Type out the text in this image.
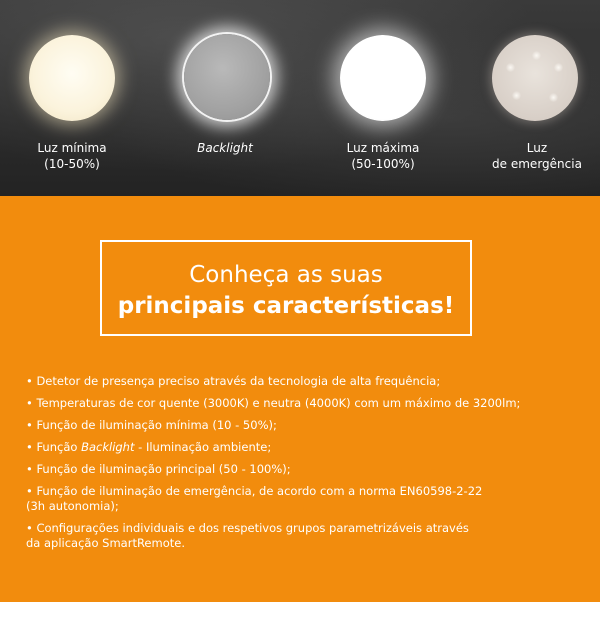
Luz mínima
(10-50%)
Backlight	Luz máxima
(50-100%)
Luz
de emergência
Conheça as suas
principais características!
• Detetor de presença preciso através da tecnologia de alta frequência;
• Temperaturas de cor quente (3000K) e neutra (4000K) com um máximo de 3200lm;
• Função de iluminação mínima (10 - 50%);
• Função Backlight - Iluminação ambiente;
• Função de iluminação principal (50 - 100%);
• Função de iluminação de emergência, de acordo com a norma EN60598-2-22
(3h autonomia);
• Configurações individuais e dos respetivos grupos parametrizáveis através
da aplicação SmartRemote.
